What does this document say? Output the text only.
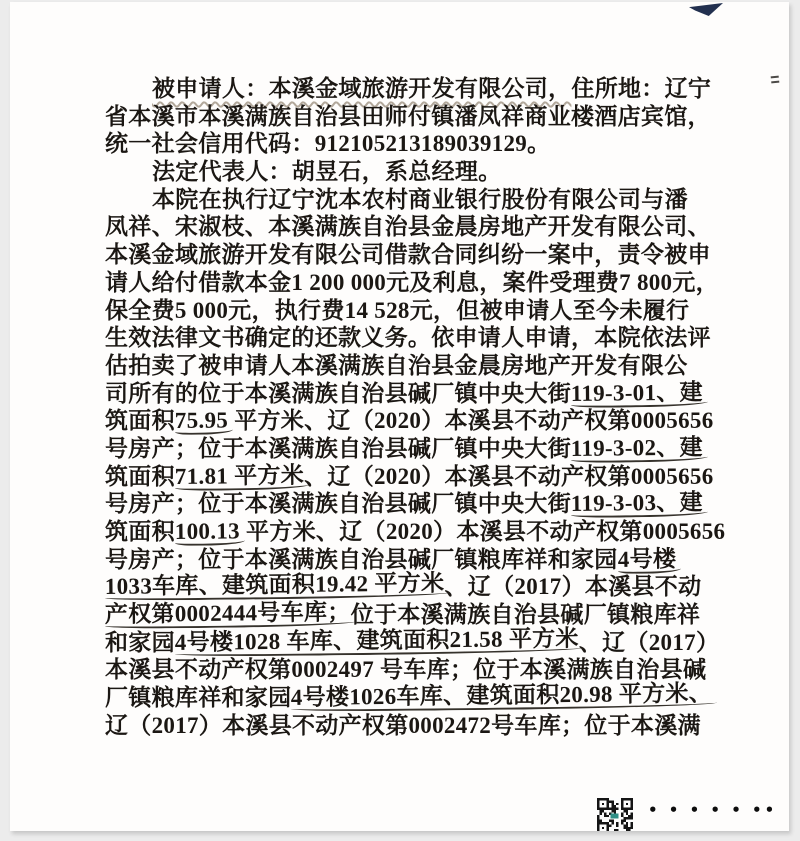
被申请人：本溪金域旅游开发有限公司，住所地：辽宁
省本溪市本溪满族自治县田师付镇潘凤祥商业楼酒店宾馆，
统一社会信用代码：912105213189039129。
法定代表人：胡昱石，系总经理。
本院在执行辽宁沈本农村商业银行股份有限公司与潘
凤祥、宋淑枝、本溪满族自治县金晨房地产开发有限公司、
本溪金域旅游开发有限公司借款合同纠纷一案中，责令被申
请人给付借款本金1 200 000元及利息，案件受理费7 800元，
保全费5 000元，执行费14 528元，但被申请人至今未履行
生效法律文书确定的还款义务。依申请人申请，本院依法评
估拍卖了被申请人本溪满族自治县金晨房地产开发有限公
司所有的位于本溪满族自治县碱厂镇中央大街119-3-01、建
筑面积75.95 平方米、辽（2020）本溪县不动产权第0005656
号房产；位于本溪满族自治县碱厂镇中央大街119-3-02、建
筑面积71.81 平方米、辽（2020）本溪县不动产权第0005656
号房产；位于本溪满族自治县碱厂镇中央大街119-3-03、建
筑面积100.13 平方米、辽（2020）本溪县不动产权第0005656
号房产；位于本溪满族自治县碱厂镇粮库祥和家园4号楼
1033车库、建筑面积19.42 平方米、辽（2017）本溪县不动
产权第0002444号车库；位于本溪满族自治县碱厂镇粮库祥
和家园4号楼1028 车库、建筑面积21.58 平方米、辽（2017）
本溪县不动产权第0002497 号车库；位于本溪满族自治县碱
厂镇粮库祥和家园4号楼1026车库、建筑面积20.98 平方米、
辽（2017）本溪县不动产权第0002472号车库；位于本溪满
• • • • • ••
